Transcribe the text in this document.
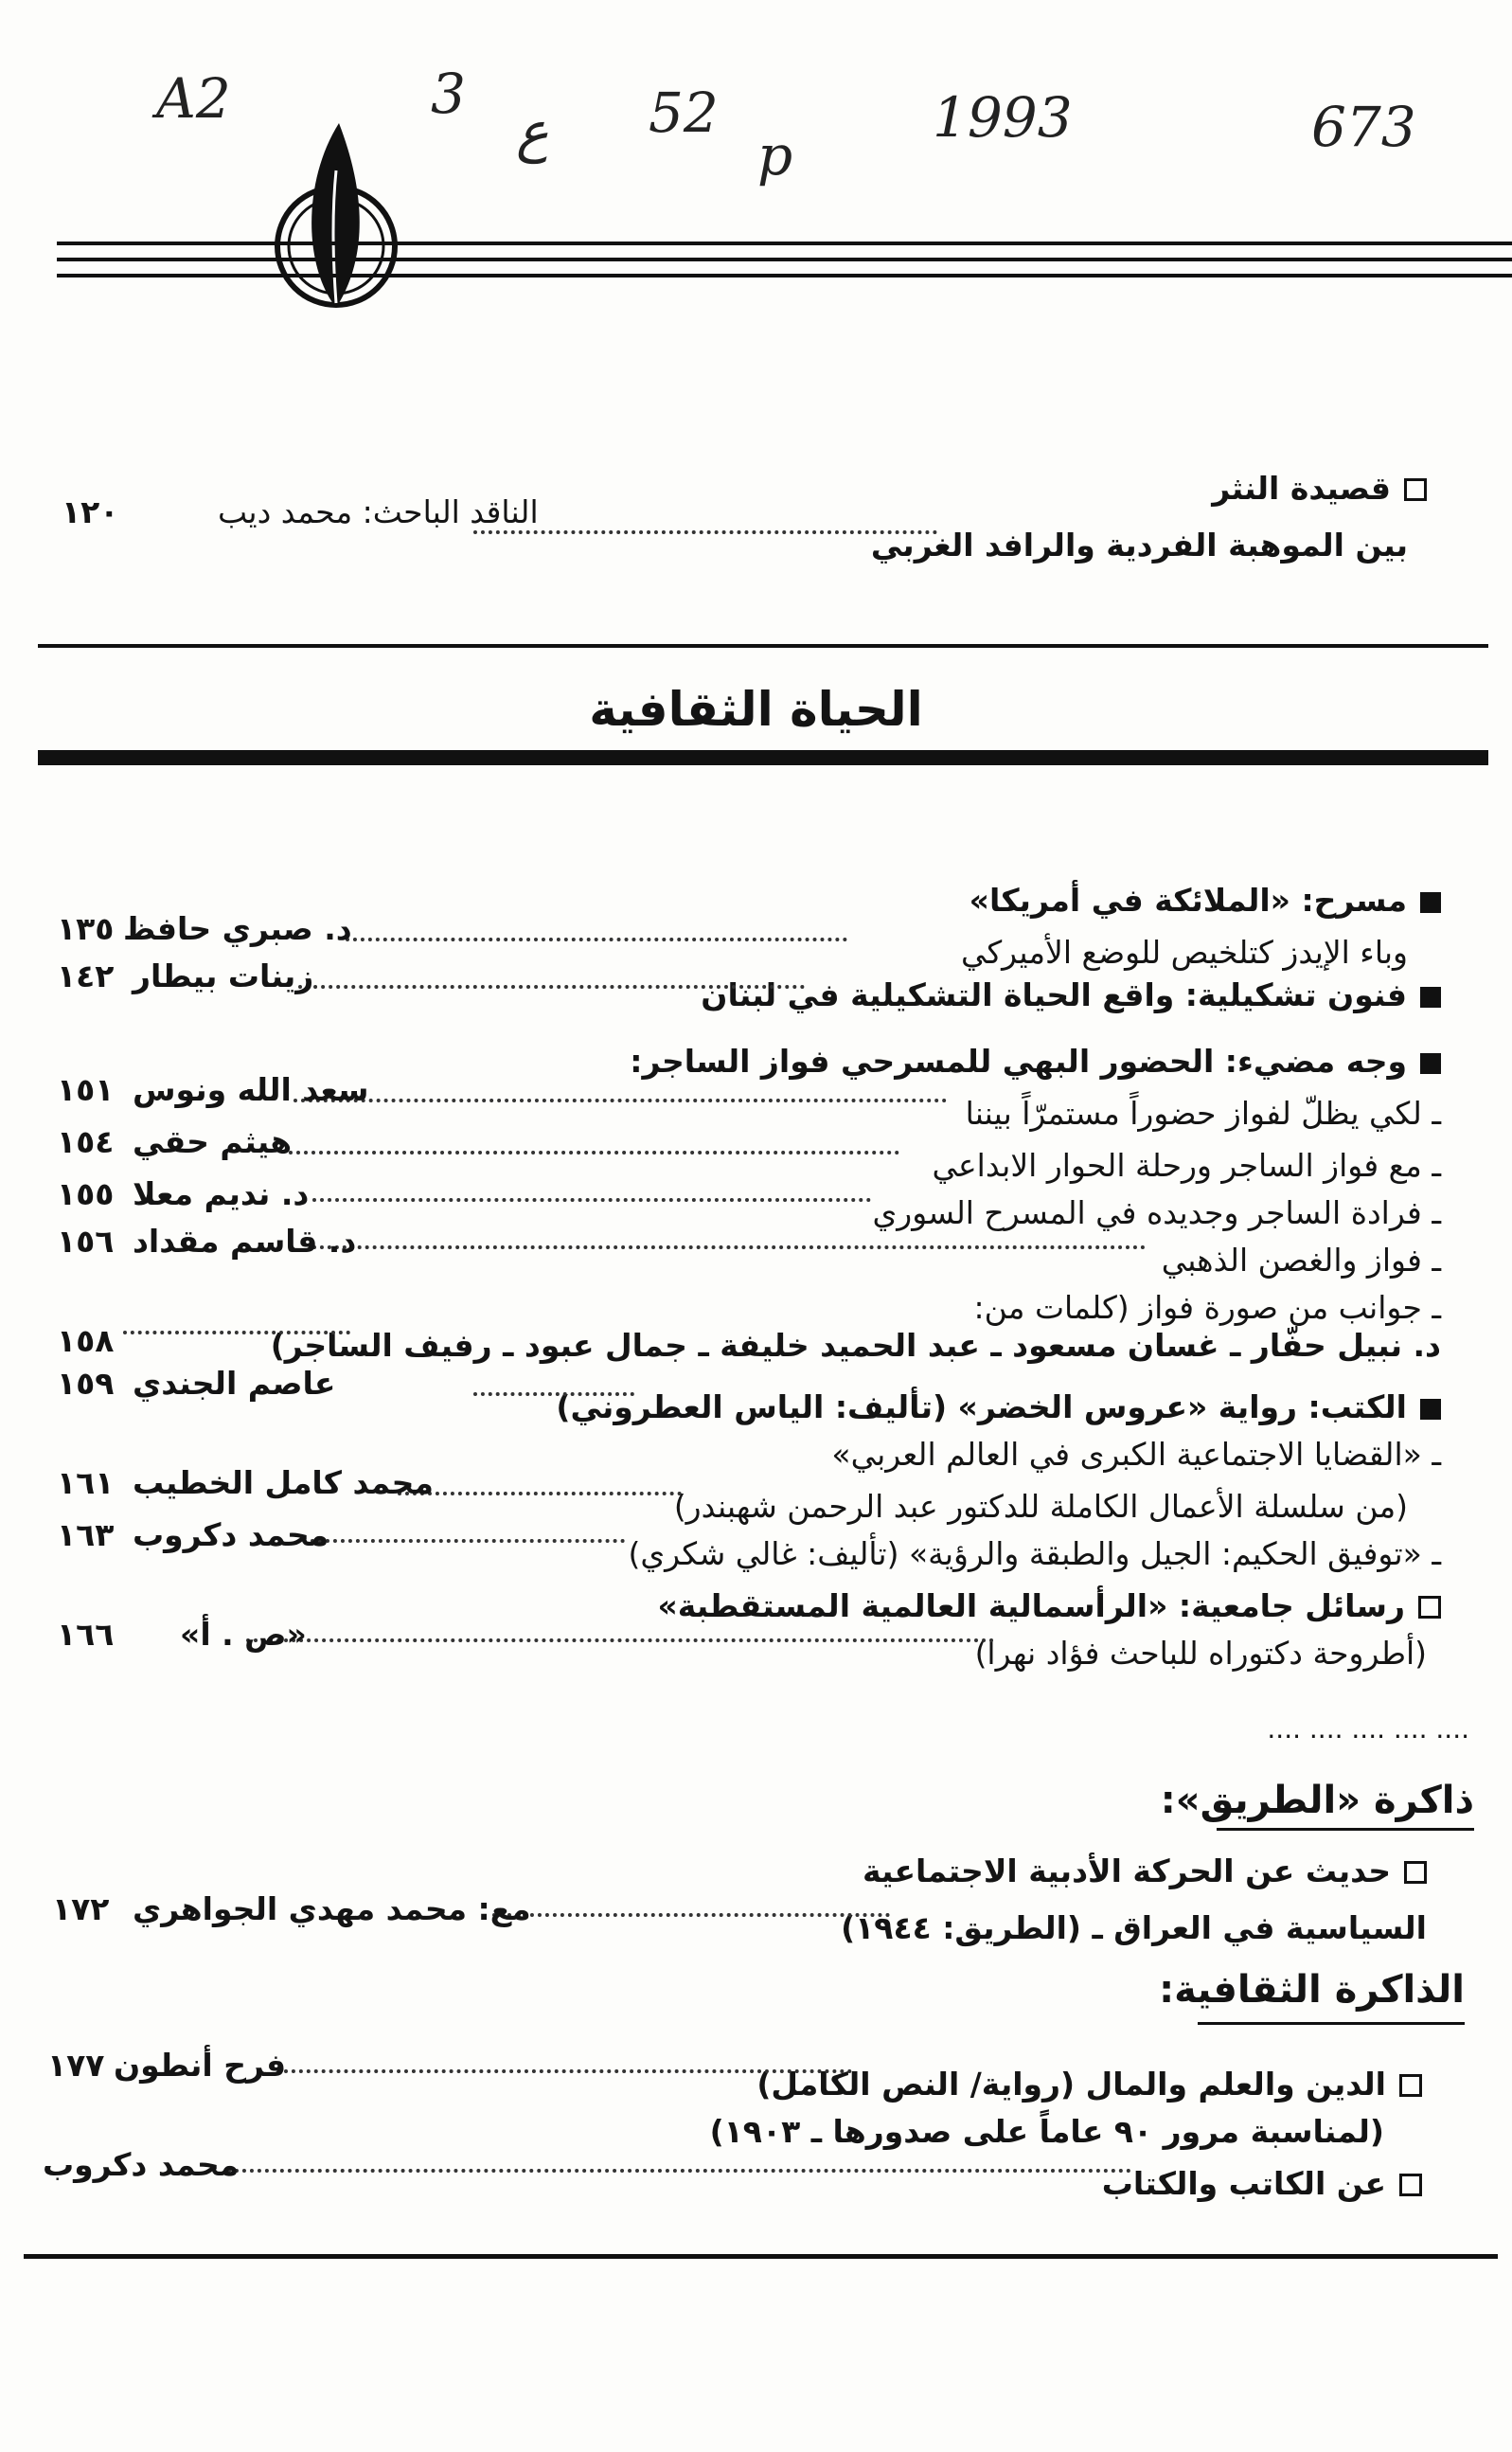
A2	3
ع 52
p
1993	673
قصيدة النثر
الناقد الباحث: محمد ديب
١٢٠
بين الموهبة الفردية والرافد الغربي
الحياة الثقافية
مسرح: «الملائكة في أمريكا»
وباء الإيدز كتلخيص للوضع الأميركي
د. صبري حافظ
١٣٥
فنون تشكيلية: واقع الحياة التشكيلية في لبنان
زينات بيطار
١٤٢
وجه مضيء: الحضور البهي للمسرحي فواز الساجر:
ـ لكي يظلّ لفواز حضوراً مستمرّاً بيننا
سعد الله ونوس
١٥١
ـ مع فواز الساجر ورحلة الحوار الابداعي
هيثم حقي
١٥٤
ـ فرادة الساجر وجديده في المسرح السوري
د. نديم معلا
١٥٥
ـ فواز والغصن الذهبي
د. قاسم مقداد
١٥٦
ـ جوانب من صورة فواز (كلمات من:
د. نبيل حفّار ـ غسان مسعود ـ عبد الحميد خليفة ـ جمال عبود ـ رفيف الساجر)
١٥٨
الكتب: رواية «عروس الخضر» (تأليف: الياس العطروني)
عاصم الجندي
١٥٩
ـ «القضايا الاجتماعية الكبرى في العالم العربي»
(من سلسلة الأعمال الكاملة للدكتور عبد الرحمن شهبندر)
محمد كامل الخطيب
١٦١
ـ «توفيق الحكيم: الجيل والطبقة والرؤية» (تأليف: غالي شكري)
محمد دكروب
١٦٣
رسائل جامعية: «الرأسمالية العالمية المستقطبة»
(أطروحة دكتوراه للباحث فؤاد نهرا)
«ص . أ»
١٦٦
.... .... .... .... ....
ذاكرة «الطريق»:
حديث عن الحركة الأدبية الاجتماعية
السياسية في العراق ـ (الطريق: ١٩٤٤)
مع: محمد مهدي الجواهري
١٧٢
الذاكرة الثقافية:
الدين والعلم والمال (رواية/ النص الكامل)
فرح أنطون
١٧٧
(لمناسبة مرور ٩٠ عاماً على صدورها ـ ١٩٠٣)
عن الكاتب والكتاب
محمد دكروب
